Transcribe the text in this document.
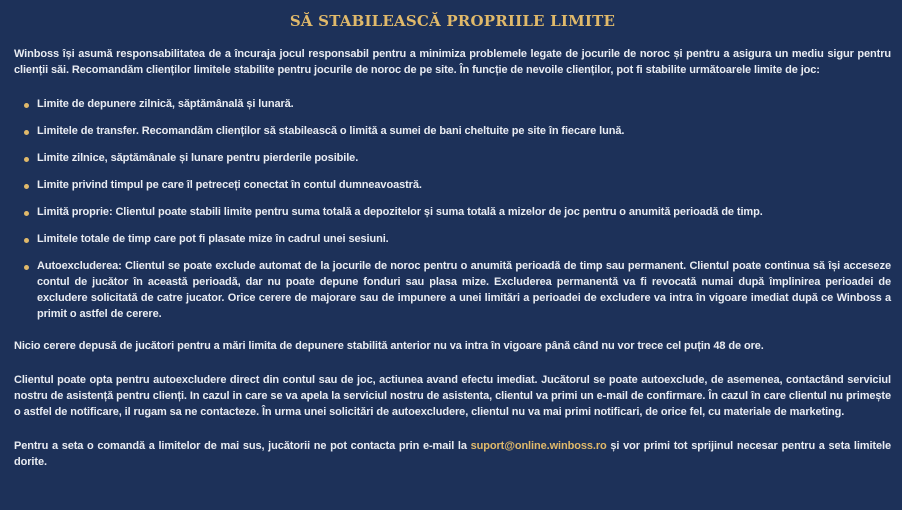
SĂ STABILEASCĂ PROPRIILE LIMITE

Winboss își asumă responsabilitatea de a încuraja jocul responsabil pentru a minimiza problemele legate de jocurile de noroc și pentru a asigura un mediu sigur pentru clienții săi. Recomandăm clienților limitele stabilite pentru jocurile de noroc de pe site. În funcție de nevoile clienților, pot fi stabilite următoarele limite de joc:

Limite de depunere zilnică, săptămânală și lunară.
Limitele de transfer. Recomandăm clienților să stabilească o limită a sumei de bani cheltuite pe site în fiecare lună.
Limite zilnice, săptămânale și lunare pentru pierderile posibile.
Limite privind timpul pe care îl petreceți conectat în contul dumneavoastră.
Limită proprie: Clientul poate stabili limite pentru suma totală a depozitelor și suma totală a mizelor de joc pentru o anumită perioadă de timp.
Limitele totale de timp care pot fi plasate mize în cadrul unei sesiuni.
Autoexcluderea: Clientul se poate exclude automat de la jocurile de noroc pentru o anumită perioadă de timp sau permanent. Clientul poate continua să își acceseze contul de jucător în această perioadă, dar nu poate depune fonduri sau plasa mize. Excluderea permanentă va fi revocată numai după împlinirea perioadei de excludere solicitată de catre jucator. Orice cerere de majorare sau de impunere a unei limitări a perioadei de excludere va intra în vigoare imediat după ce Winboss a primit o astfel de cerere.

Nicio cerere depusă de jucători pentru a mări limita de depunere stabilită anterior nu va intra în vigoare până când nu vor trece cel puțin 48 de ore.

Clientul poate opta pentru autoexcludere direct din contul sau de joc, actiunea avand efectu imediat. Jucătorul se poate autoexclude, de asemenea, contactând serviciul nostru de asistență pentru clienți. In cazul in care se va apela la serviciul nostru de asistenta, clientul va primi un e-mail de confirmare. În cazul în care clientul nu primește o astfel de notificare, il rugam sa ne contacteze. În urma unei solicitări de autoexcludere, clientul nu va mai primi notificari, de orice fel, cu materiale de marketing.

Pentru a seta o comandă a limitelor de mai sus, jucătorii ne pot contacta prin e-mail la suport@online.winboss.ro și vor primi tot sprijinul necesar pentru a seta limitele dorite.
